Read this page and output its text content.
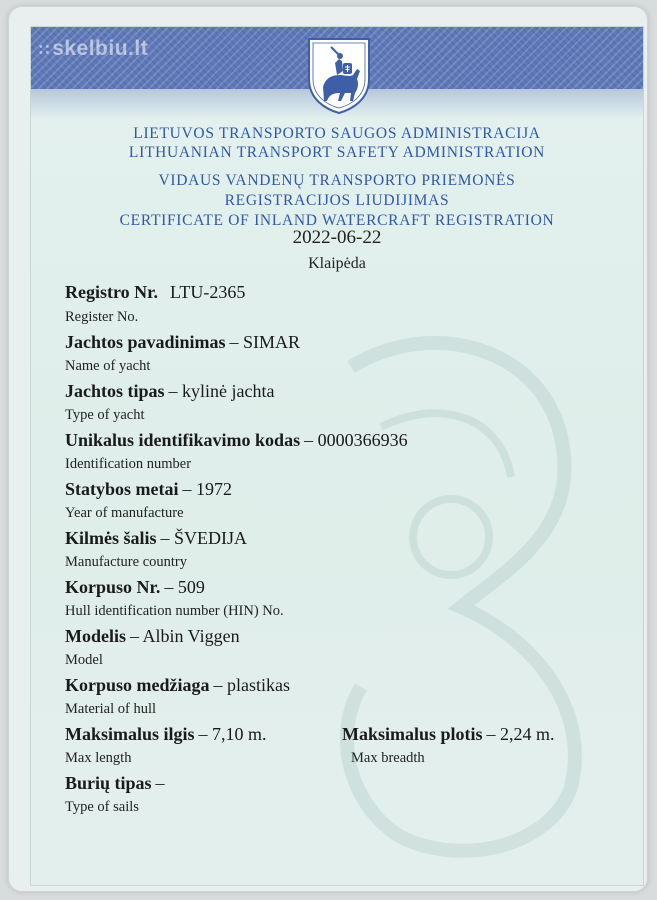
∷ skelbiu.lt
LIETUVOS TRANSPORTO SAUGOS ADMINISTRACIJA
LITHUANIAN TRANSPORT SAFETY ADMINISTRATION
VIDAUS VANDENŲ TRANSPORTO PRIEMONĖS
REGISTRACIJOS LIUDIJIMAS
CERTIFICATE OF INLAND WATERCRAFT REGISTRATION
2022-06-22
Klaipėda
Registro Nr. LTU-2365
Register No.
Jachtos pavadinimas – SIMAR
Name of yacht
Jachtos tipas – kylinė jachta
Type of yacht
Unikalus identifikavimo kodas – 0000366936
Identification number
Statybos metai – 1972
Year of manufacture
Kilmės šalis – ŠVEDIJA
Manufacture country
Korpuso Nr. – 509
Hull identification number (HIN) No.
Modelis – Albin Viggen
Model
Korpuso medžiaga – plastikas
Material of hull
Maksimalus ilgis – 7,10 m.	Maksimalus plotis – 2,24 m.
Max length	Max breadth
Burių tipas –
Type of sails
